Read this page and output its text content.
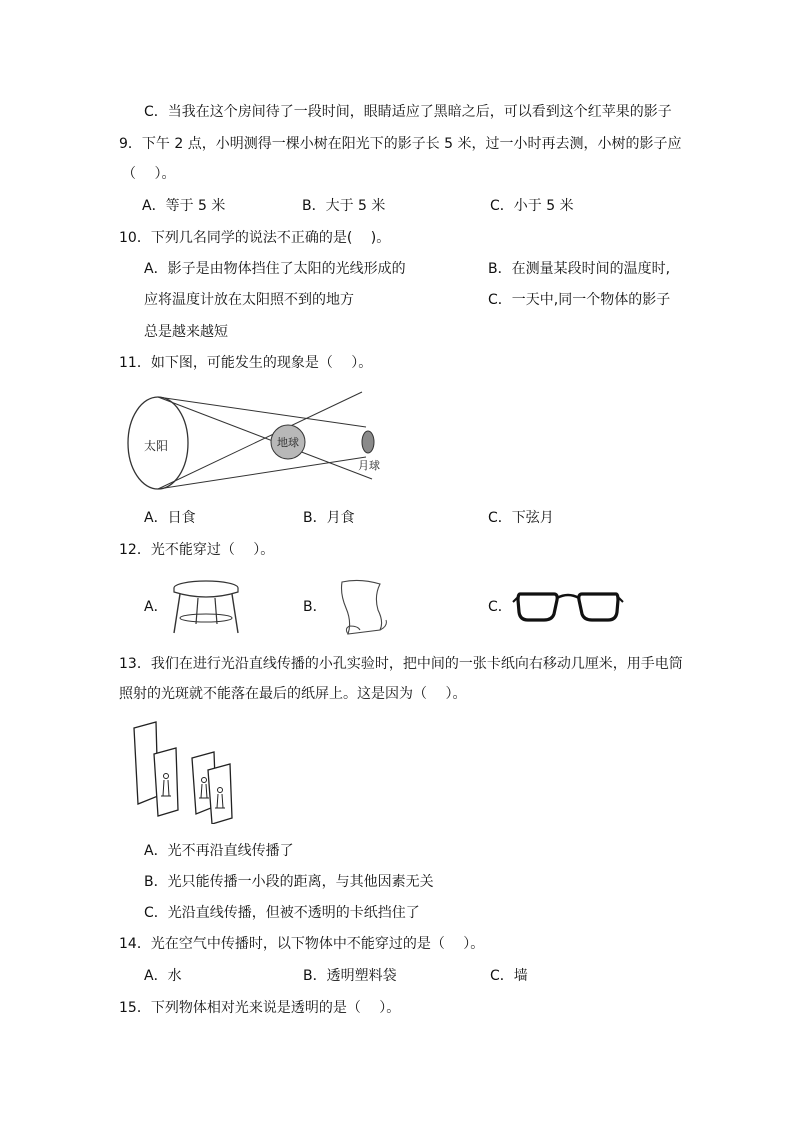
C．当我在这个房间待了一段时间，眼睛适应了黑暗之后，可以看到这个红苹果的影子
9．下午 2 点，小明测得一棵小树在阳光下的影子长 5 米，过一小时再去测，小树的影子应
（　 ）。
A．等于 5 米	B．大于 5 米	C．小于 5 米
10．下列几名同学的说法不正确的是(　 )。
A．影子是由物体挡住了太阳的光线形成的	B．在测量某段时间的温度时,
应将温度计放在太阳照不到的地方	C．一天中,同一个物体的影子
总是越来越短
11．如下图，可能发生的现象是（　 ）。
太阳	地球
月球
A．日食	B．月食	C．下弦月
12．光不能穿过（　 ）。
A．	B．	C．
13．我们在进行光沿直线传播的小孔实验时，把中间的一张卡纸向右移动几厘米，用手电筒
照射的光斑就不能落在最后的纸屏上。这是因为（　 ）。
A．光不再沿直线传播了
B．光只能传播一小段的距离，与其他因素无关
C．光沿直线传播，但被不透明的卡纸挡住了
14．光在空气中传播时，以下物体中不能穿过的是（　 ）。
A．水	B．透明塑料袋	C．墙
15．下列物体相对光来说是透明的是（　 ）。
